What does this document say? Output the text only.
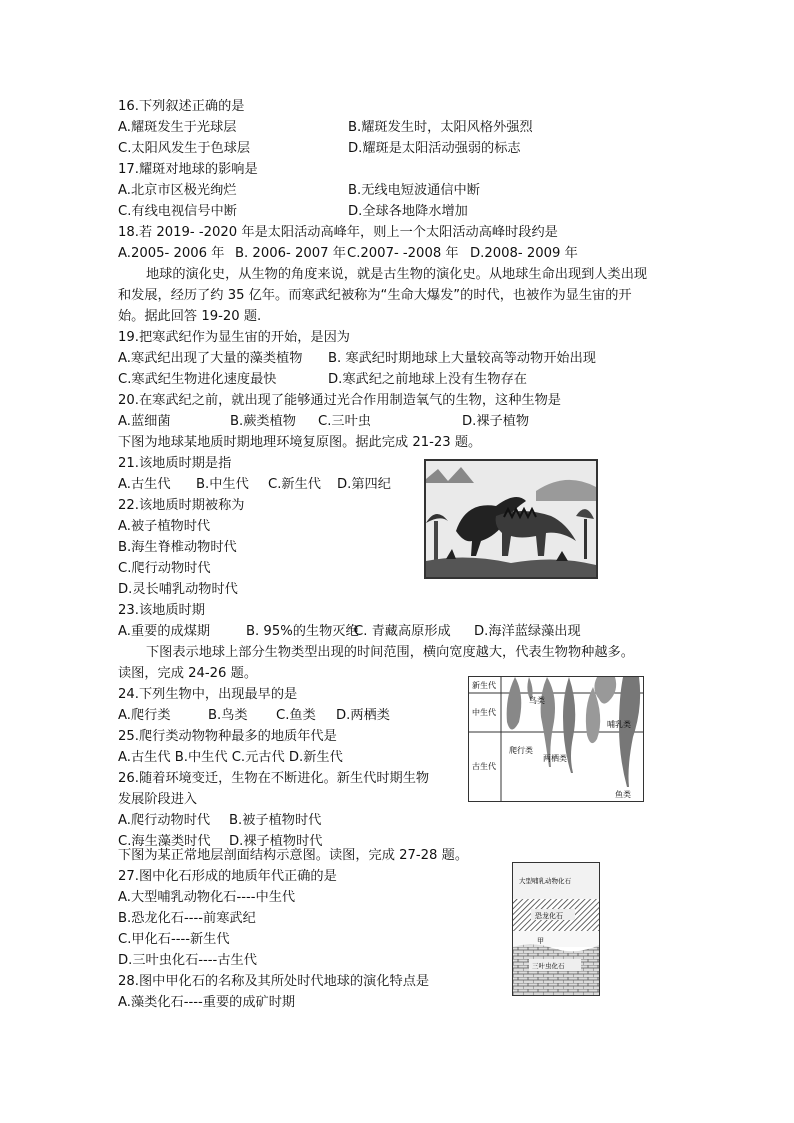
16.下列叙述正确的是
A.耀斑发生于光球层	B.耀斑发生时，太阳风格外强烈
C.太阳风发生于色球层	D.耀斑是太阳活动强弱的标志
17.耀斑对地球的影响是
A.北京市区极光绚烂	B.无线电短波通信中断
C.有线电视信号中断	D.全球各地降水增加
18.若 2019- -2020 年是太阳活动高峰年，则上一个太阳活动高峰时段约是
A.2005- 2006 年 B. 2006- 2007 年 C.2007- -2008 年 D.2008- 2009 年
地球的演化史，从生物的角度来说，就是古生物的演化史。从地球生命出现到人类出现
和发展，经历了约 35 亿年。而寒武纪被称为“生命大爆发”的时代，也被作为显生宙的开
始。据此回答 19-20 题.
19.把寒武纪作为显生宙的开始，是因为
A.寒武纪出现了大量的藻类植物 B. 寒武纪时期地球上大量较高等动物开始出现
C.寒武纪生物进化速度最快	D.寒武纪之前地球上没有生物存在
20.在寒武纪之前，就出现了能够通过光合作用制造氧气的生物，这种生物是
A.蓝细菌	B.蕨类植物 C.三叶虫	D.裸子植物
下图为地球某地质时期地理环境复原图。据此完成 21-23 题。
21.该地质时期是指
A.古生代 B.中生代 C.新生代 D.第四纪
22.该地质时期被称为
A.被子植物时代
B.海生脊椎动物时代
C.爬行动物时代
D.灵长哺乳动物时代
23.该地质时期
A.重要的成煤期	B. 95%的生物灭绝
C. 青藏高原形成 D.海洋蓝绿藻出现
下图表示地球上部分生物类型出现的时间范围，横向宽度越大，代表生物物种越多。
读图，完成 24-26 题。
24.下列生物中，出现最早的是
A.爬行类	B.鸟类 C.鱼类 D.两栖类
25.爬行类动物物种最多的地质年代是
A.古生代 B.中生代 C.元古代 D.新生代
26.随着环境变迁，生物在不断进化。新生代时期生物
发展阶段进入
A.爬行动物时代 B.被子植物时代
C.海生藻类时代 D.裸子植物时代
新生代
中生代
古生代
鸟类
哺乳类
爬行类
两栖类
鱼类
下图为某正常地层剖面结构示意图。读图，完成 27-28 题。
27.图中化石形成的地质年代正确的是
A.大型哺乳动物化石----中生代
B.恐龙化石----前寒武纪
C.甲化石----新生代
D.三叶虫化石----古生代
28.图中甲化石的名称及其所处时代地球的演化特点是
A.藻类化石----重要的成矿时期
大型哺乳动物化石
恐龙化石
甲
三叶虫化石
